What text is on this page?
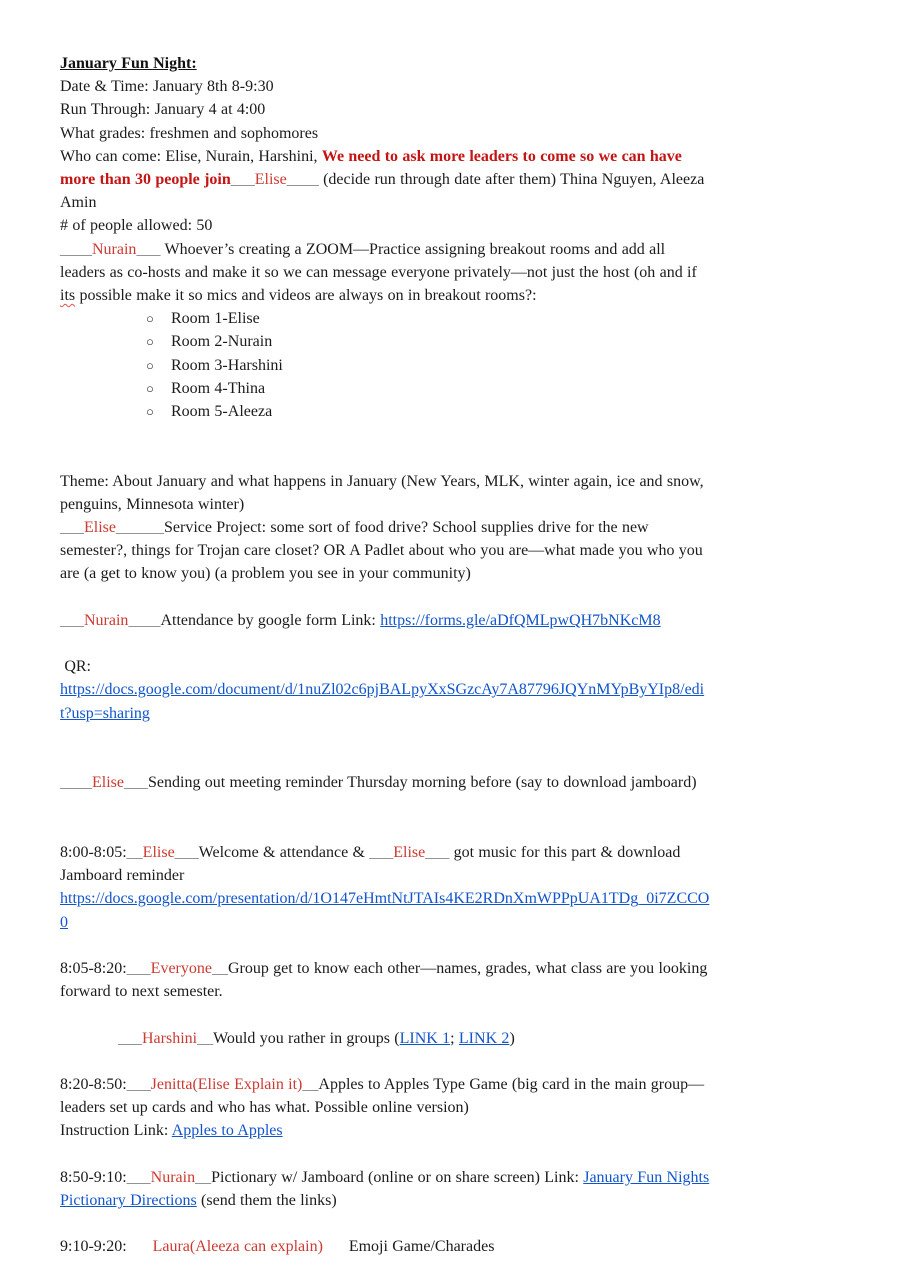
January Fun Night:

Date & Time: January 8th 8-9:30

Run Through: January 4 at 4:00

What grades: freshmen and sophomores

Who can come: Elise, Nurain, Harshini, We need to ask more leaders to come so we can have more than 30 people join___Elise____ (decide run through date after them) Thina Nguyen, Aleeza Amin

# of people allowed: 50

____Nurain___ Whoever’s creating a ZOOM—Practice assigning breakout rooms and add all leaders as co-hosts and make it so we can message everyone privately—not just the host (oh and if its possible make it so mics and videos are always on in breakout rooms?:

○ Room 1-Elise

○ Room 2-Nurain

○ Room 3-Harshini

○ Room 4-Thina

○ Room 5-Aleeza

Theme: About January and what happens in January (New Years, MLK, winter again, ice and snow, penguins, Minnesota winter)

___Elise______Service Project: some sort of food drive? School supplies drive for the new semester?, things for Trojan care closet? OR A Padlet about who you are—what made you who you are (a get to know you) (a problem you see in your community)

___Nurain____Attendance by google form Link: https://forms.gle/aDfQMLpwQH7bNKcM8

QR:

https://docs.google.com/document/d/1nuZl02c6pjBALpyXxSGzcAy7A87796JQYnMYpByYIp8/edit?usp=sharing

____Elise___Sending out meeting reminder Thursday morning before (say to download jamboard)

8:00-8:05:__Elise___Welcome & attendance & ___Elise___ got music for this part & download Jamboard reminder

https://docs.google.com/presentation/d/1O147eHmtNtJTAIs4KE2RDnXmWPPpUA1TDg_0i7ZCCO0

8:05-8:20:___Everyone__Group get to know each other—names, grades, what class are you looking forward to next semester.

___Harshini__Would you rather in groups (LINK 1; LINK 2)

8:20-8:50:___Jenitta(Elise Explain it)__Apples to Apples Type Game (big card in the main group—leaders set up cards and who has what. Possible online version)

Instruction Link: Apples to Apples

8:50-9:10:___Nurain__Pictionary w/ Jamboard (online or on share screen) Link: January Fun Nights Pictionary Directions (send them the links)

9:10-9:20: Laura(Aleeza can explain) Emoji Game/Charades
